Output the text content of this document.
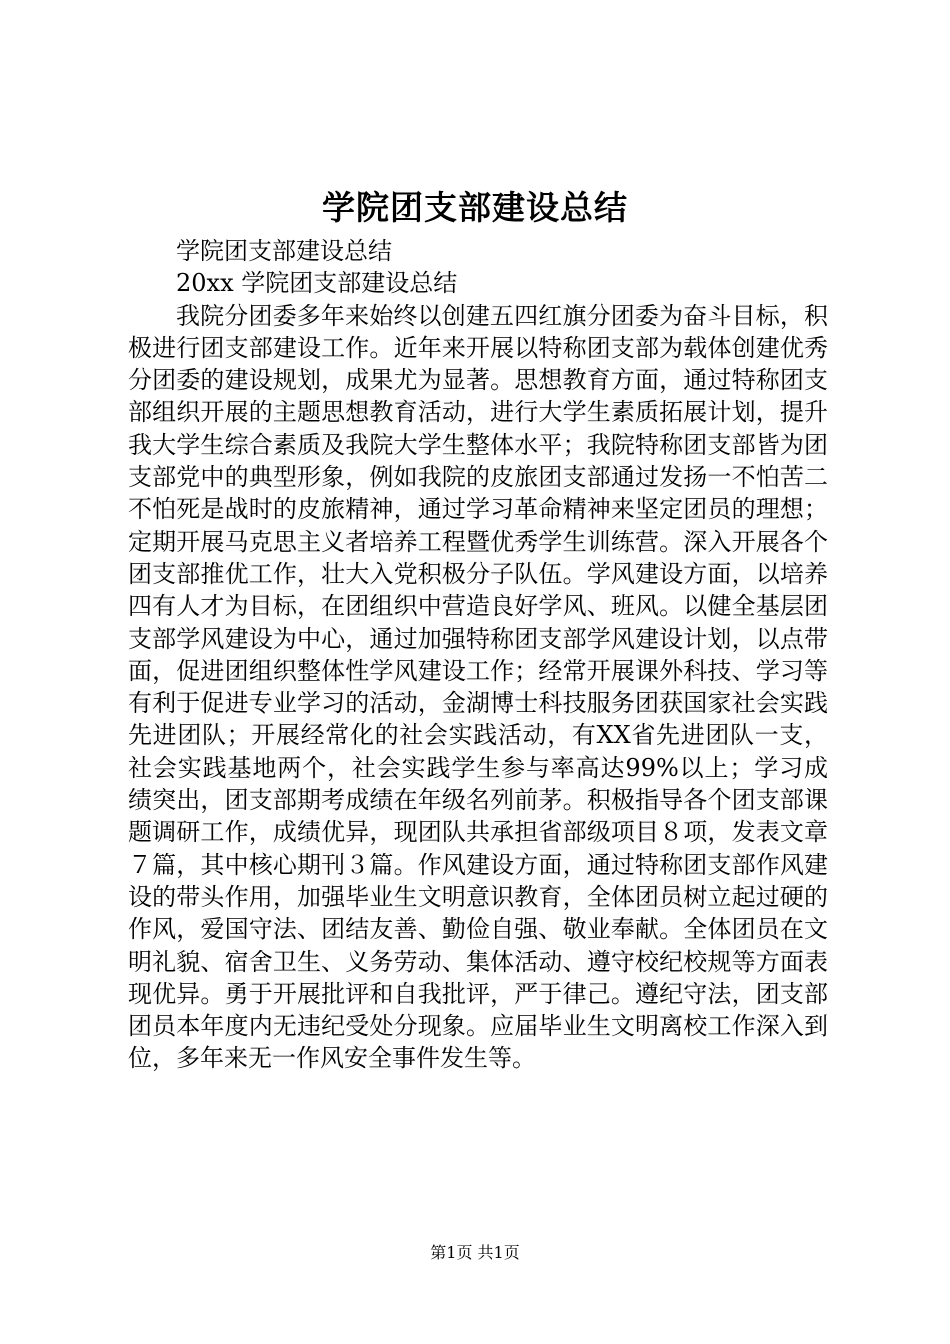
学院团支部建设总结

学院团支部建设总结

20xx 学院团支部建设总结

我院分团委多年来始终以创建五四红旗分团委为奋斗目标，积极进行团支部建设工作。近年来开展以特称团支部为载体创建优秀分团委的建设规划，成果尤为显著。思想教育方面，通过特称团支部组织开展的主题思想教育活动，进行大学生素质拓展计划，提升我大学生综合素质及我院大学生整体水平；我院特称团支部皆为团支部党中的典型形象，例如我院的皮旅团支部通过发扬一不怕苦二不怕死是战时的皮旅精神，通过学习革命精神来坚定团员的理想；定期开展马克思主义者培养工程暨优秀学生训练营。深入开展各个团支部推优工作，壮大入党积极分子队伍。学风建设方面，以培养四有人才为目标，在团组织中营造良好学风、班风。以健全基层团支部学风建设为中心，通过加强特称团支部学风建设计划，以点带面，促进团组织整体性学风建设工作；经常开展课外科技、学习等有利于促进专业学习的活动，金湖博士科技服务团获国家社会实践先进团队；开展经常化的社会实践活动，有XX省先进团队一支，社会实践基地两个，社会实践学生参与率高达99%以上；学习成绩突出，团支部期考成绩在年级名列前茅。积极指导各个团支部课题调研工作，成绩优异，现团队共承担省部级项目８项，发表文章７篇，其中核心期刊３篇。作风建设方面，通过特称团支部作风建设的带头作用，加强毕业生文明意识教育，全体团员树立起过硬的作风，爱国守法、团结友善、勤俭自强、敬业奉献。全体团员在文明礼貌、宿舍卫生、义务劳动、集体活动、遵守校纪校规等方面表现优异。勇于开展批评和自我批评，严于律己。遵纪守法，团支部团员本年度内无违纪受处分现象。应届毕业生文明离校工作深入到位，多年来无一作风安全事件发生等。

第1页 共1页
